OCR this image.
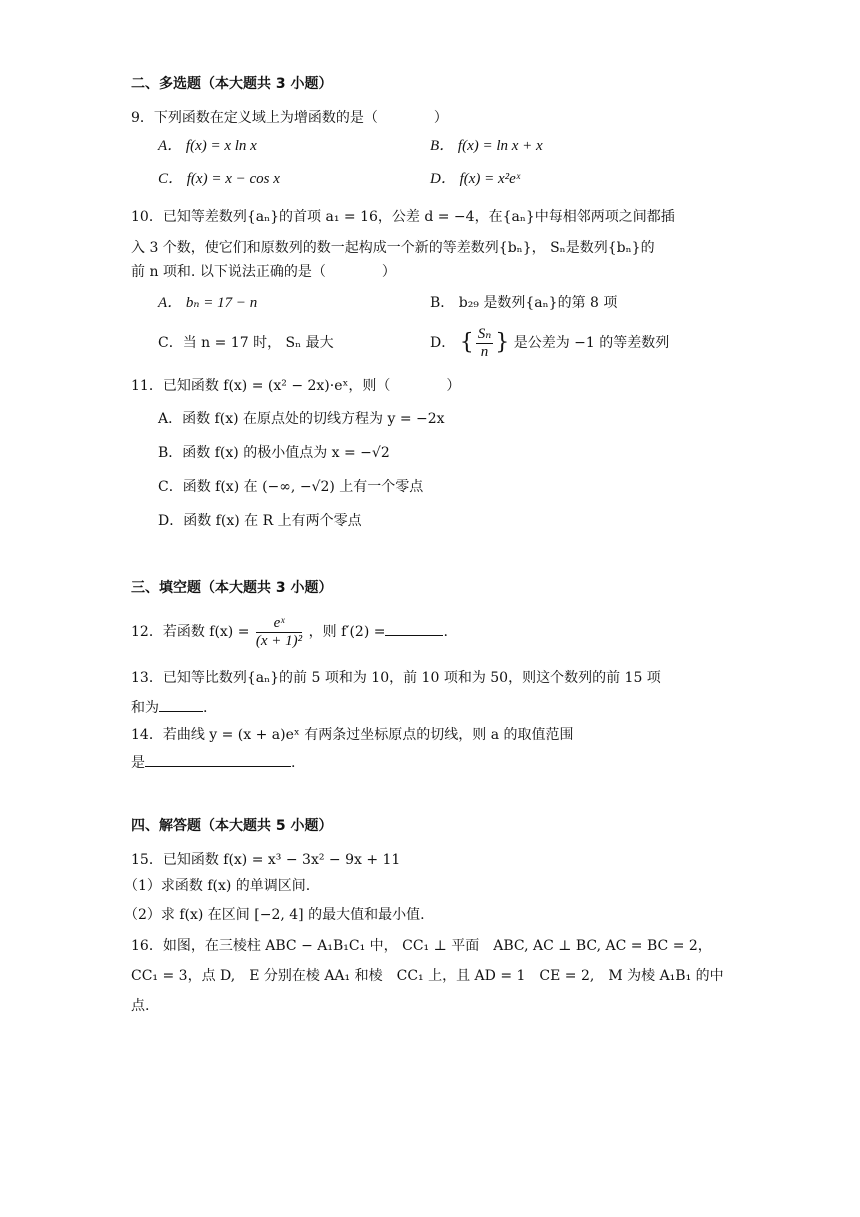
二、多选题（本大题共 3 小题）
9．下列函数在定义域上为增函数的是（　　　　）
A． f(x) = x ln x	B． f(x) = ln x + x
C． f(x) = x − cos x	D． f(x) = x²eˣ
10．已知等差数列{aₙ}的首项 a₁ = 16，公差 d = −4，在{aₙ}中每相邻两项之间都插
入 3 个数，使它们和原数列的数一起构成一个新的等差数列{bₙ}， Sₙ是数列{bₙ}的
前 n 项和. 以下说法正确的是（　　　　）
A． bₙ = 17 − n	B． b₂₉ 是数列{aₙ}的第 8 项
C．当 n = 17 时， Sₙ 最大	D． { $\frac{\text{Sₙ}}{n}$ } 是公差为 −1 的等差数列
11．已知函数 f(x) = (x² − 2x)·eˣ，则（　　　　）
A．函数 f(x) 在原点处的切线方程为 y = −2x
B．函数 f(x) 的极小值点为 x = −√2
C．函数 f(x) 在 (−∞, −√2) 上有一个零点
D．函数 f(x) 在 R 上有两个零点
三、填空题（本大题共 3 小题）
12．若函数 $f(x) = \frac{\text{eˣ}}{\text{(x + 1)²}}$ ，则 f′(2) =	.
13．已知等比数列{aₙ}的前 5 项和为 10，前 10 项和为 50，则这个数列的前 15 项
和为	.
14．若曲线 y = (x + a)eˣ 有两条过坐标原点的切线，则 a 的取值范围
是	.
四、解答题（本大题共 5 小题）
15．已知函数 f(x) = x³ − 3x² − 9x + 11
（1）求函数 f(x) 的单调区间.
（2）求 f(x) 在区间 [−2, 4] 的最大值和最小值.
16．如图，在三棱柱 ABC − A₁B₁C₁ 中， CC₁ ⊥ 平面　ABC, AC ⊥ BC, AC = BC = 2，
CC₁ = 3，点 D,　E 分别在棱 AA₁ 和棱　CC₁ 上，且 AD = 1　CE = 2,　M 为棱 A₁B₁ 的中
点.
